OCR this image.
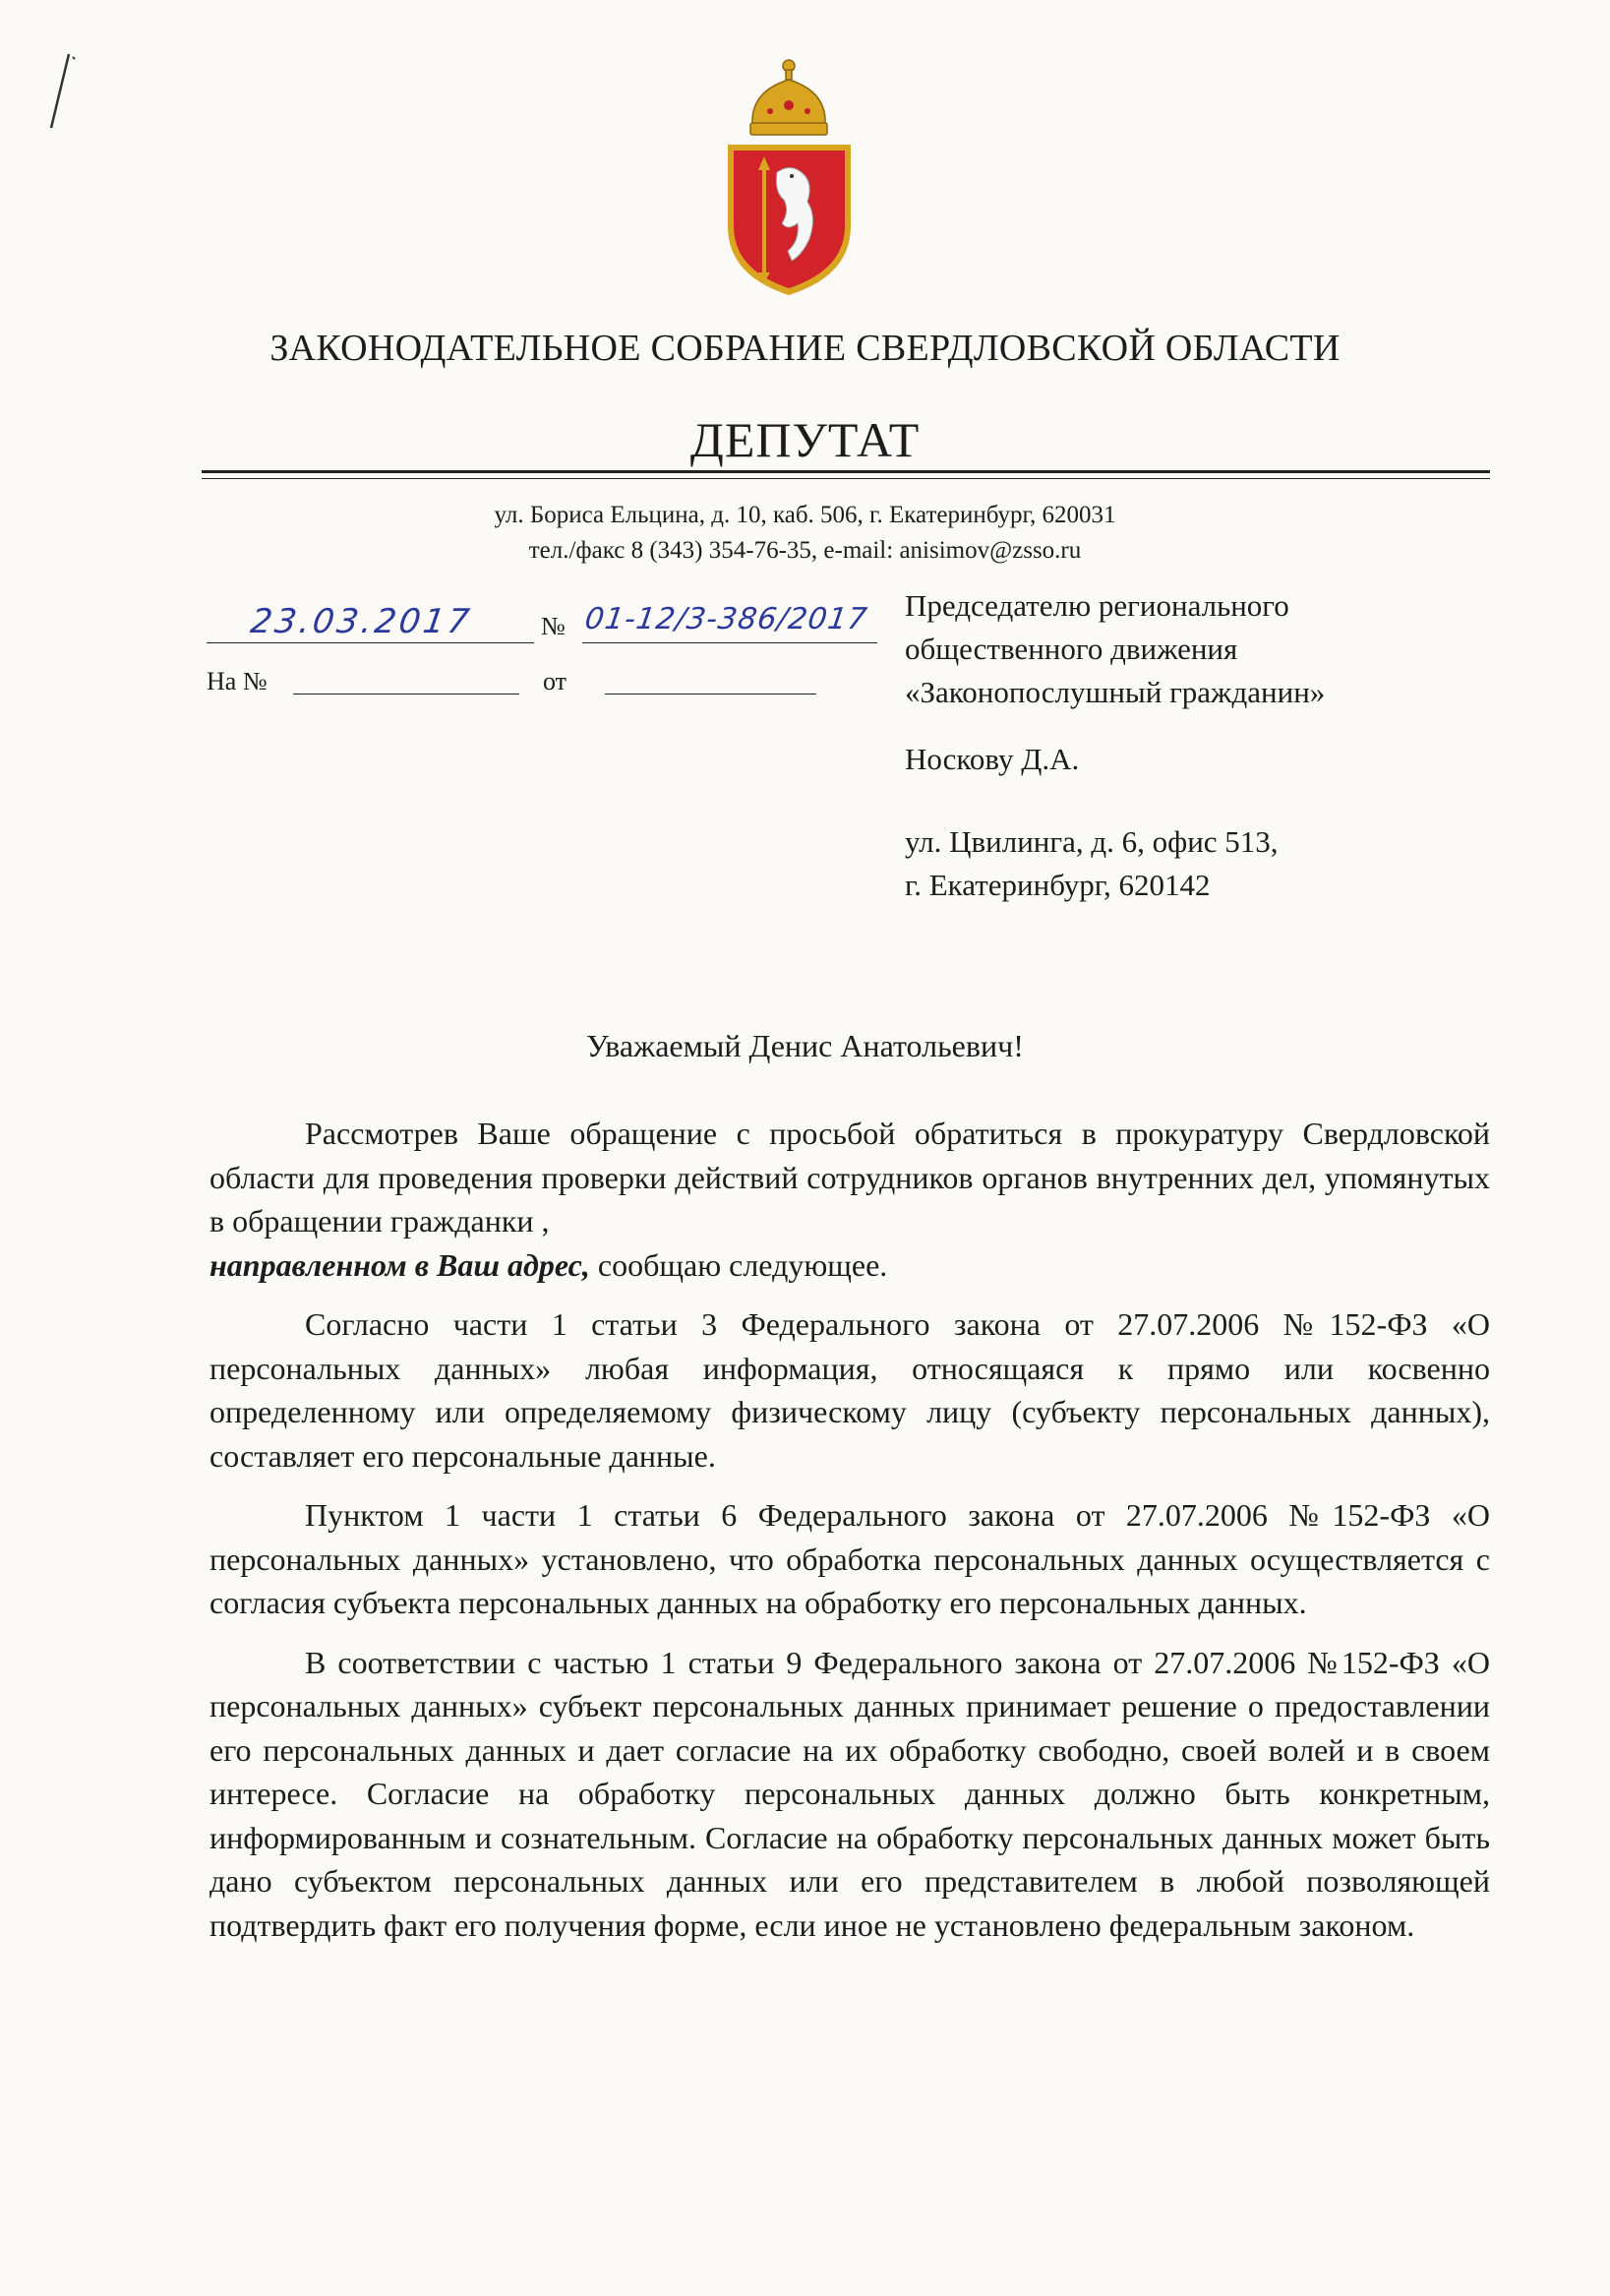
ЗАКОНОДАТЕЛЬНОЕ СОБРАНИЕ СВЕРДЛОВСКОЙ ОБЛАСТИ
ДЕПУТАТ
ул. Бориса Ельцина, д. 10, каб. 506, г. Екатеринбург, 620031
тел./факс 8 (343) 354-76-35, e-mail: anisimov@zsso.ru
23.03.2017	№ 01-12/3-386/2017
На №	от
Председателю регионального
общественного движения
«Законопослушный гражданин»
Носкову Д.А.
ул. Цвилинга, д. 6, офис 513,
г. Екатеринбург, 620142
Уважаемый Денис Анатольевич!

Рассмотрев Ваше обращение с просьбой обратиться в прокуратуру Свердловской области для проведения проверки действий сотрудников органов внутренних дел, упомянутых в обращении гражданки ,
направленном в Ваш адрес, сообщаю следующее.

Согласно части 1 статьи 3 Федерального закона от 27.07.2006 №152-ФЗ «О персональных данных» любая информация, относящаяся к прямо или косвенно определенному или определяемому физическому лицу (субъекту персональных данных), составляет его персональные данные.

Пунктом 1 части 1 статьи 6 Федерального закона от 27.07.2006 №152-ФЗ «О персональных данных» установлено, что обработка персональных данных осуществляется с согласия субъекта персональных данных на обработку его персональных данных.

В соответствии с частью 1 статьи 9 Федерального закона от 27.07.2006 №152-ФЗ «О персональных данных» субъект персональных данных принимает решение о предоставлении его персональных данных и дает согласие на их обработку свободно, своей волей и в своем интересе. Согласие на обработку персональных данных должно быть конкретным, информированным и сознательным. Согласие на обработку персональных данных может быть дано субъектом персональных данных или его представителем в любой позволяющей подтвердить факт его получения форме, если иное не установлено федеральным законом.
